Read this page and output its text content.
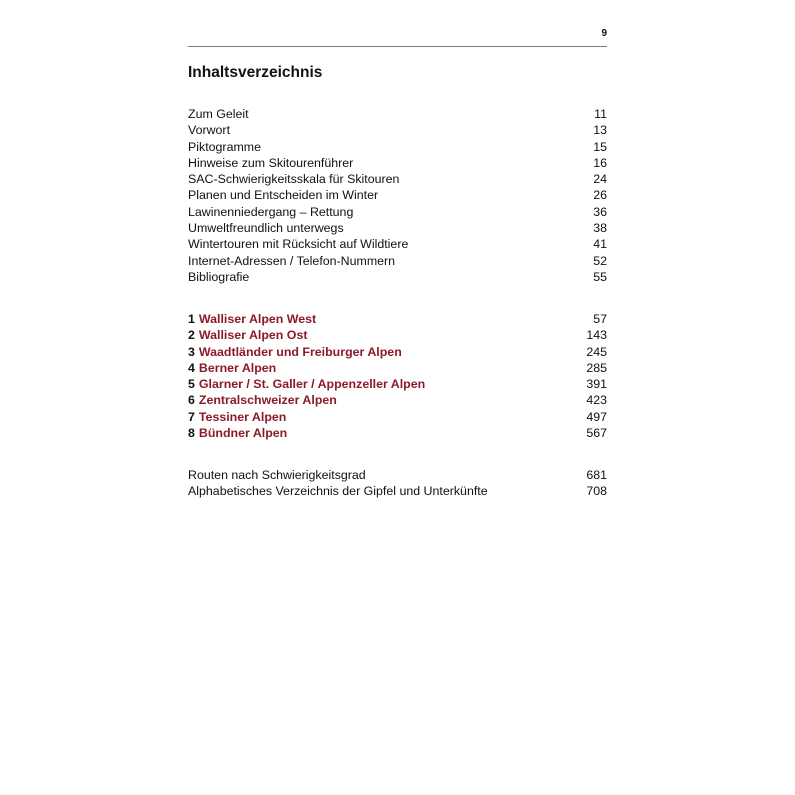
9
Inhaltsverzeichnis
Zum Geleit	11
Vorwort	13
Piktogramme	15
Hinweise zum Skitourenführer	16
SAC-Schwierigkeitsskala für Skitouren	24
Planen und Entscheiden im Winter	26
Lawinenniedergang – Rettung	36
Umweltfreundlich unterwegs	38
Wintertouren mit Rücksicht auf Wildtiere	41
Internet-Adressen / Telefon-Nummern	52
Bibliografie	55
1 Walliser Alpen West	57
2 Walliser Alpen Ost	143
3 Waadtländer und Freiburger Alpen	245
4 Berner Alpen	285
5 Glarner / St. Galler / Appenzeller Alpen	391
6 Zentralschweizer Alpen	423
7 Tessiner Alpen	497
8 Bündner Alpen	567
Routen nach Schwierigkeitsgrad	681
Alphabetisches Verzeichnis der Gipfel und Unterkünfte	708
